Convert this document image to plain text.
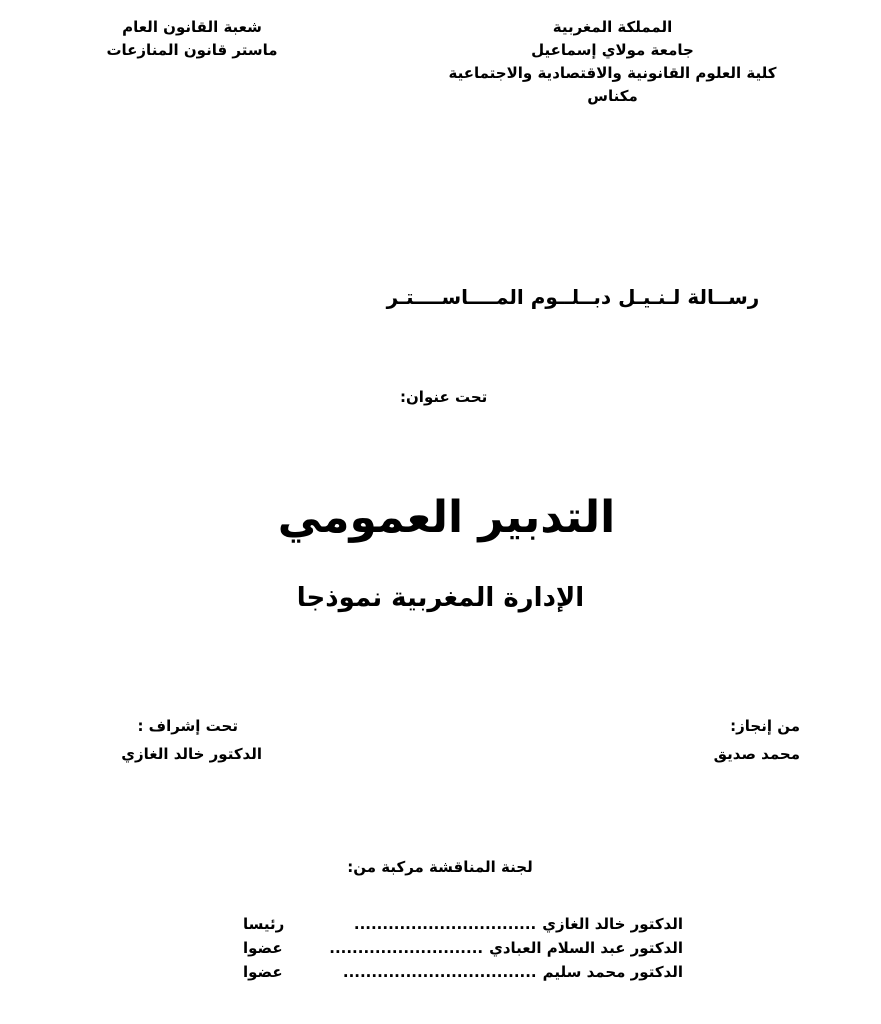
المملكة المغربية
جامعة مولاي إسماعيل
كلية العلوم القانونية والاقتصادية والاجتماعية
مكناس
شعبة القانون العام
ماستر قانون المنازعات
رســالة لـنـيـل دبــلــوم المــــاســــتـر
تحت عنوان:
التدبير العمومي
الإدارة المغربية نموذجا
من إنجاز:
محمد صديق
تحت إشراف :
الدكتور خالد الغازي
لجنة المناقشة مركبة من:
الدكتور خالد الغازي
................................
رئيسا
الدكتور عبد السلام العبادي
...........................
عضوا
الدكتور محمد سليم
..................................
عضوا
